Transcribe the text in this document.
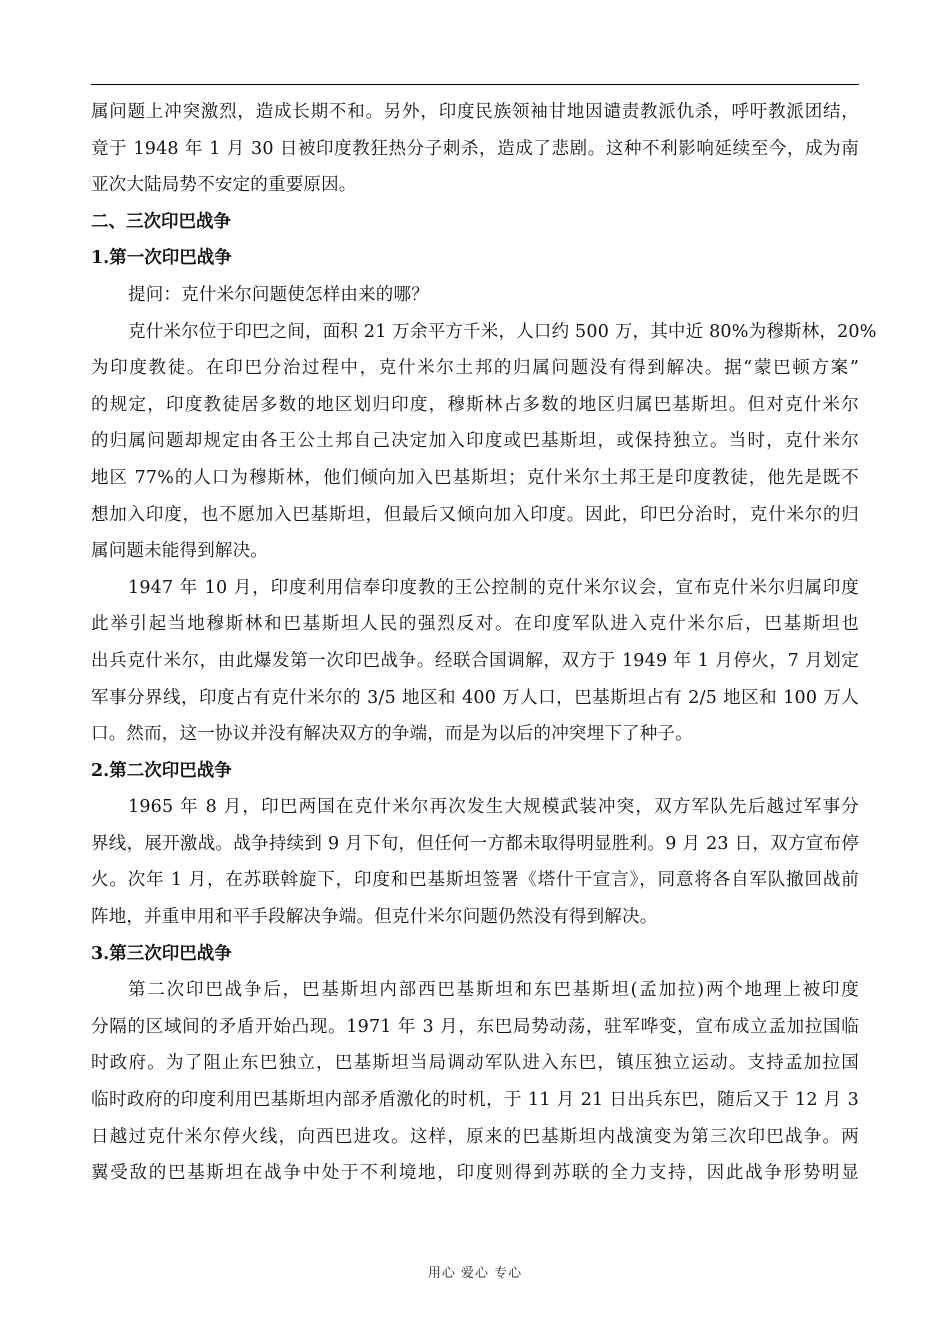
属问题上冲突激烈，造成长期不和。另外，印度民族领袖甘地因谴责教派仇杀，呼吁教派团结，
竟于 1948 年 1 月 30 日被印度教狂热分子刺杀，造成了悲剧。这种不利影响延续至今，成为南
亚次大陆局势不安定的重要原因。
二、三次印巴战争
1.第一次印巴战争
提问：克什米尔问题使怎样由来的哪？
克什米尔位于印巴之间，面积 21 万余平方千米，人口约 500 万，其中近 80%为穆斯林，20%
为印度教徒。在印巴分治过程中，克什米尔土邦的归属问题没有得到解决。据“蒙巴顿方案”
的规定，印度教徒居多数的地区划归印度，穆斯林占多数的地区归属巴基斯坦。但对克什米尔
的归属问题却规定由各王公土邦自己决定加入印度或巴基斯坦，或保持独立。当时，克什米尔
地区 77%的人口为穆斯林，他们倾向加入巴基斯坦；克什米尔土邦王是印度教徒，他先是既不
想加入印度，也不愿加入巴基斯坦，但最后又倾向加入印度。因此，印巴分治时，克什米尔的归
属问题未能得到解决。
1947 年 10 月，印度利用信奉印度教的王公控制的克什米尔议会，宣布克什米尔归属印度
此举引起当地穆斯林和巴基斯坦人民的强烈反对。在印度军队进入克什米尔后，巴基斯坦也
出兵克什米尔，由此爆发第一次印巴战争。经联合国调解，双方于 1949 年 1 月停火，7 月划定
军事分界线，印度占有克什米尔的 3/5 地区和 400 万人口，巴基斯坦占有 2/5 地区和 100 万人
口。然而，这一协议并没有解决双方的争端，而是为以后的冲突埋下了种子。
2.第二次印巴战争
1965 年 8 月，印巴两国在克什米尔再次发生大规模武装冲突，双方军队先后越过军事分
界线，展开激战。战争持续到 9 月下旬，但任何一方都未取得明显胜利。9 月 23 日，双方宣布停
火。次年 1 月，在苏联斡旋下，印度和巴基斯坦签署《塔什干宣言》，同意将各自军队撤回战前
阵地，并重申用和平手段解决争端。但克什米尔问题仍然没有得到解决。
3.第三次印巴战争
第二次印巴战争后，巴基斯坦内部西巴基斯坦和东巴基斯坦(孟加拉)两个地理上被印度
分隔的区域间的矛盾开始凸现。1971 年 3 月，东巴局势动荡，驻军哗变，宣布成立孟加拉国临
时政府。为了阻止东巴独立，巴基斯坦当局调动军队进入东巴，镇压独立运动。支持孟加拉国
临时政府的印度利用巴基斯坦内部矛盾激化的时机，于 11 月 21 日出兵东巴，随后又于 12 月 3
日越过克什米尔停火线，向西巴进攻。这样，原来的巴基斯坦内战演变为第三次印巴战争。两
翼受敌的巴基斯坦在战争中处于不利境地，印度则得到苏联的全力支持，因此战争形势明显
用心 爱心 专心
